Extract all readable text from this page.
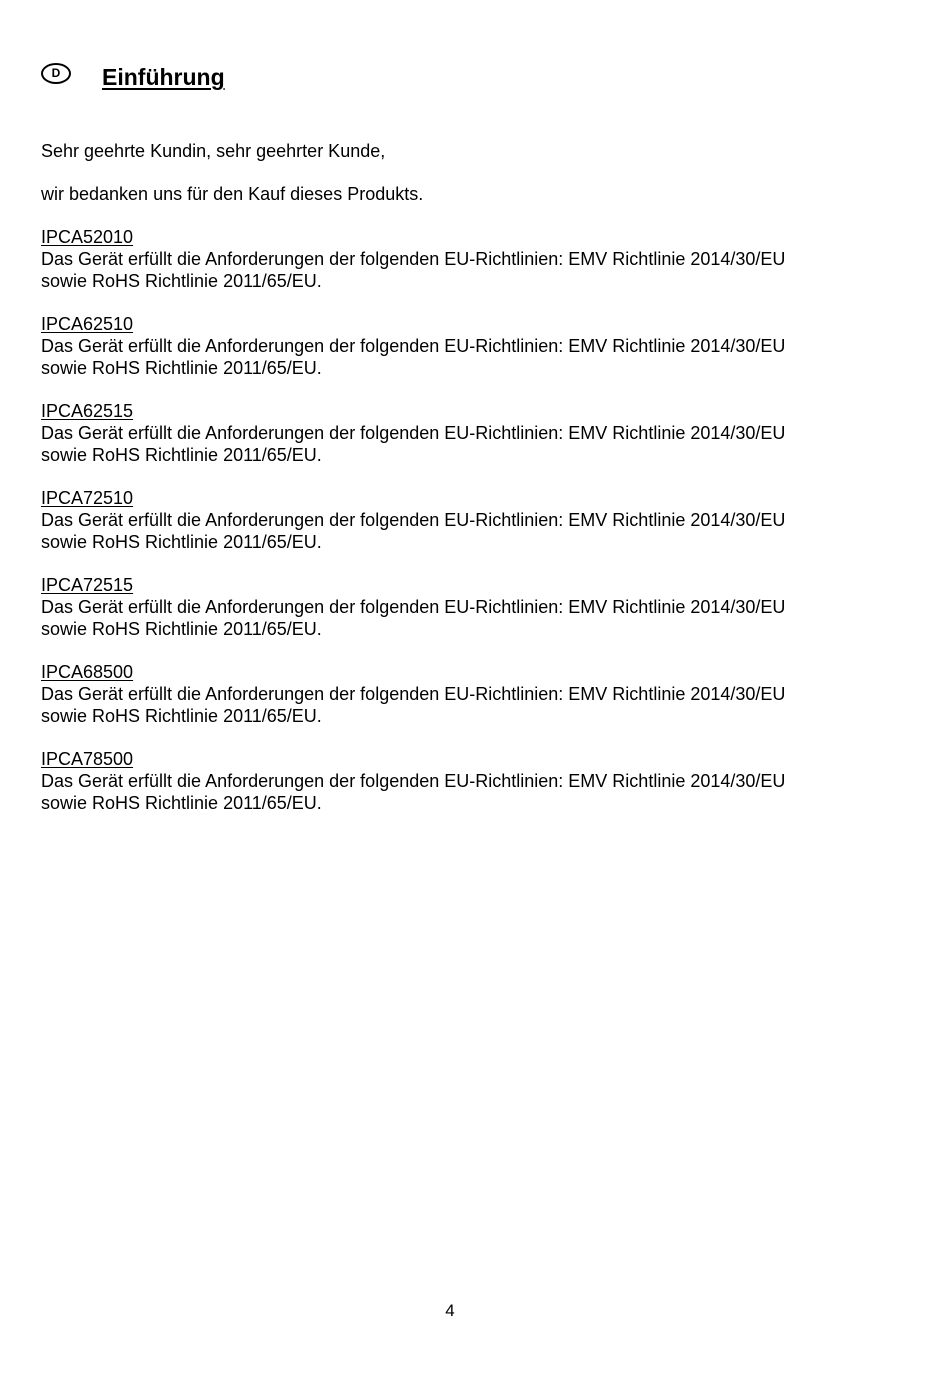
D	Einführung

Sehr geehrte Kundin, sehr geehrter Kunde,

wir bedanken uns für den Kauf dieses Produkts.

IPCA52010
Das Gerät erfüllt die Anforderungen der folgenden EU-Richtlinien: EMV Richtlinie 2014/30/EU
sowie RoHS Richtlinie 2011/65/EU.
IPCA62510
Das Gerät erfüllt die Anforderungen der folgenden EU-Richtlinien: EMV Richtlinie 2014/30/EU
sowie RoHS Richtlinie 2011/65/EU.
IPCA62515
Das Gerät erfüllt die Anforderungen der folgenden EU-Richtlinien: EMV Richtlinie 2014/30/EU
sowie RoHS Richtlinie 2011/65/EU.
IPCA72510
Das Gerät erfüllt die Anforderungen der folgenden EU-Richtlinien: EMV Richtlinie 2014/30/EU
sowie RoHS Richtlinie 2011/65/EU.
IPCA72515
Das Gerät erfüllt die Anforderungen der folgenden EU-Richtlinien: EMV Richtlinie 2014/30/EU
sowie RoHS Richtlinie 2011/65/EU.
IPCA68500
Das Gerät erfüllt die Anforderungen der folgenden EU-Richtlinien: EMV Richtlinie 2014/30/EU
sowie RoHS Richtlinie 2011/65/EU.
IPCA78500
Das Gerät erfüllt die Anforderungen der folgenden EU-Richtlinien: EMV Richtlinie 2014/30/EU
sowie RoHS Richtlinie 2011/65/EU.
4
